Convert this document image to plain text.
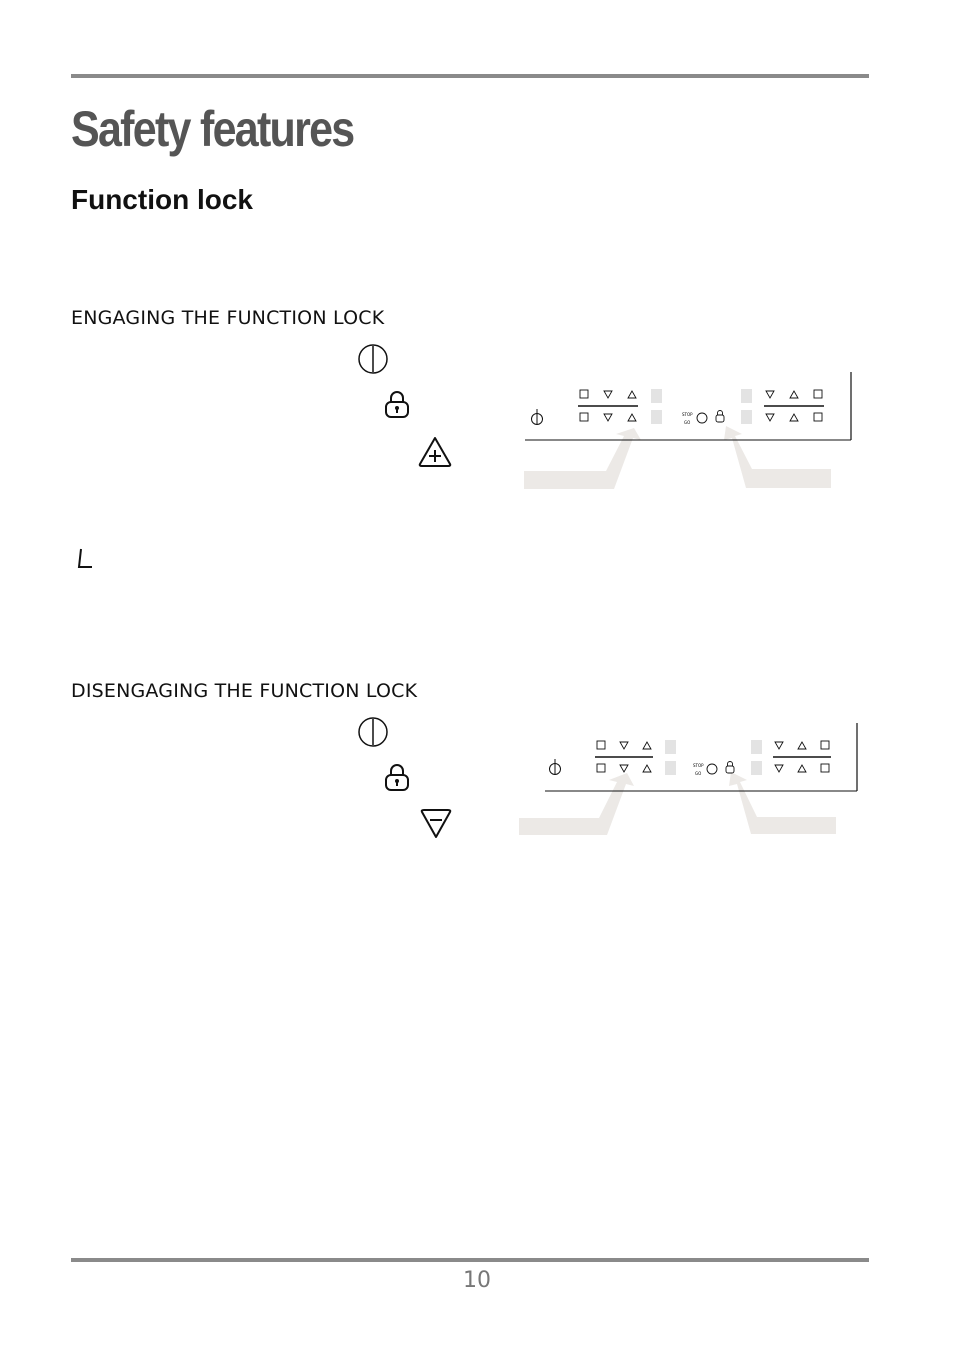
Safety features
Function lock
ENGAGING THE FUNCTION LOCK
STOP
GO
DISENGAGING THE FUNCTION LOCK
STOP
GO
10
